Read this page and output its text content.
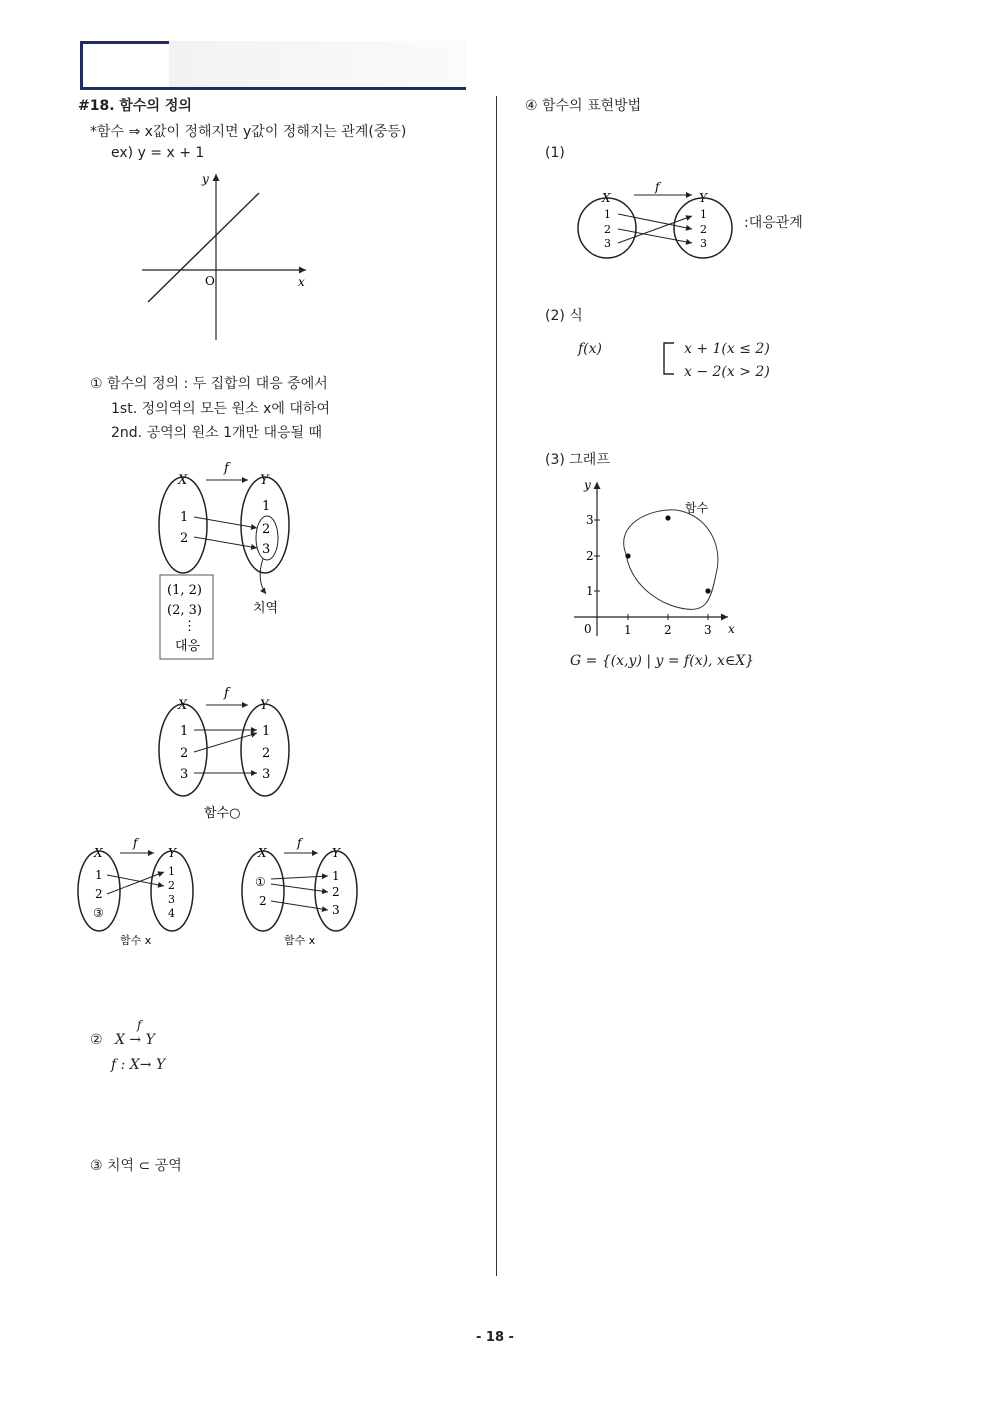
#18. 함수의 정의
*함수 ⇒ x값이 정해지면 y값이 정해지는 관계(중등)
ex) y = x + 1
y
x
O
① 함수의 정의 : 두 집합의 대응 중에서
1st. 정의역의 모든 원소 x에 대하여
2nd. 공역의 원소 1개만 대응될 때
f
X	Y
1
2
1
2
3
치역
(1, 2)
(2, 3)
⋮
대응
f
X	Y
1
2
3
1
2
3
함수○
f
X	Y
1
2
③
1
2
3
4
함수 x
f
X	Y
①
2
1
2
3
함수 x
②
f
X → Y
f : X→ Y
③ 치역 ⊂ 공역
④ 함수의 표현방법
(1)
f
X	Y
1
2
3
1
2
3
:대응관계
(2) 식
f(x)	x + 1(x ≤ 2)
x − 2(x > 2)
(3) 그래프
y
x
0	1	2	3
1
2
3
함수
G = {(x,y) | y = f(x), x∈X}
- 18 -
